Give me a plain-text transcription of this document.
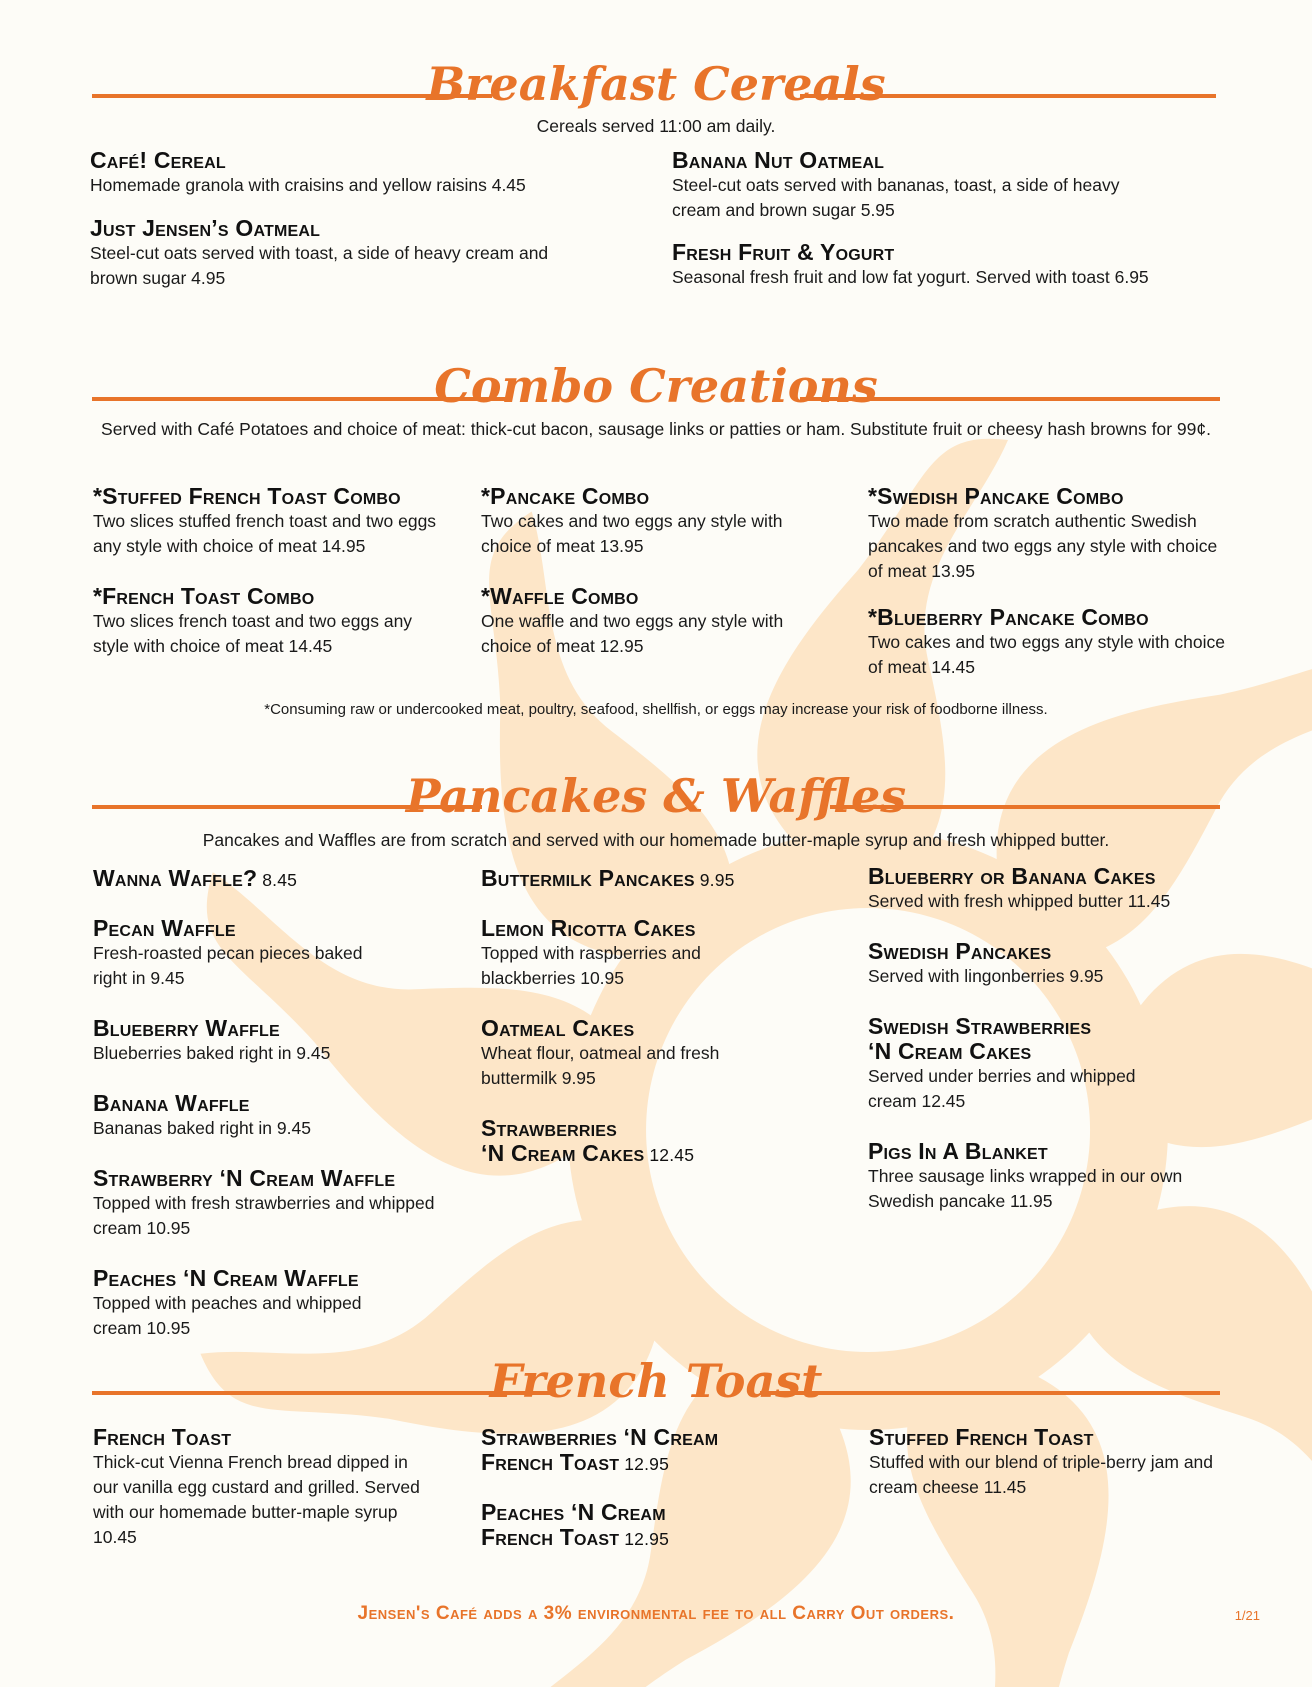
Breakfast Cereals
Cereals served 11:00 am daily.
Café! Cereal
Homemade granola with craisins and yellow raisins 4.45
Just Jensen’s Oatmeal
Steel-cut oats served with toast, a side of heavy cream and brown sugar 4.95
Banana Nut Oatmeal
Steel-cut oats served with bananas, toast, a side of heavy cream and brown sugar 5.95
Fresh Fruit & Yogurt
Seasonal fresh fruit and low fat yogurt. Served with toast 6.95
Combo Creations
Served with Café Potatoes and choice of meat: thick-cut bacon, sausage links or patties or ham. Substitute fruit or cheesy hash browns for 99¢.
*Stuffed French Toast Combo
Two slices stuffed french toast and two eggs any style with choice of meat 14.95
*French Toast Combo
Two slices french toast and two eggs any style with choice of meat 14.45
*Pancake Combo
Two cakes and two eggs any style with choice of meat 13.95
*Waffle Combo
One waffle and two eggs any style with choice of meat 12.95
*Swedish Pancake Combo
Two made from scratch authentic Swedish pancakes and two eggs any style with choice of meat 13.95
*Blueberry Pancake Combo
Two cakes and two eggs any style with choice of meat 14.45
*Consuming raw or undercooked meat, poultry, seafood, shellfish, or eggs may increase your risk of foodborne illness.
Pancakes & Waffles
Pancakes and Waffles are from scratch and served with our homemade butter-maple syrup and fresh whipped butter.
Wanna Waffle? 8.45
Pecan Waffle
Fresh-roasted pecan pieces baked right in 9.45
Blueberry Waffle
Blueberries baked right in 9.45
Banana Waffle
Bananas baked right in 9.45
Strawberry ‘N Cream Waffle
Topped with fresh strawberries and whipped cream 10.95
Peaches ‘N Cream Waffle
Topped with peaches and whipped cream 10.95
Buttermilk Pancakes 9.95
Lemon Ricotta Cakes
Topped with raspberries and blackberries 10.95
Oatmeal Cakes
Wheat flour, oatmeal and fresh buttermilk 9.95
Strawberries
‘N Cream Cakes 12.45
Blueberry or Banana Cakes
Served with fresh whipped butter 11.45
Swedish Pancakes
Served with lingonberries 9.95
Swedish Strawberries
‘N Cream Cakes
Served under berries and whipped cream 12.45
Pigs In A Blanket
Three sausage links wrapped in our own Swedish pancake 11.95
French Toast
French Toast
Thick-cut Vienna French bread dipped in our vanilla egg custard and grilled. Served with our homemade butter-maple syrup 10.45
Strawberries ‘N Cream
French Toast 12.95
Peaches ‘N Cream
French Toast 12.95
Stuffed French Toast
Stuffed with our blend of triple-berry jam and cream cheese 11.45
Jensen's Café adds a 3% environmental fee to all Carry Out orders.	1/21
